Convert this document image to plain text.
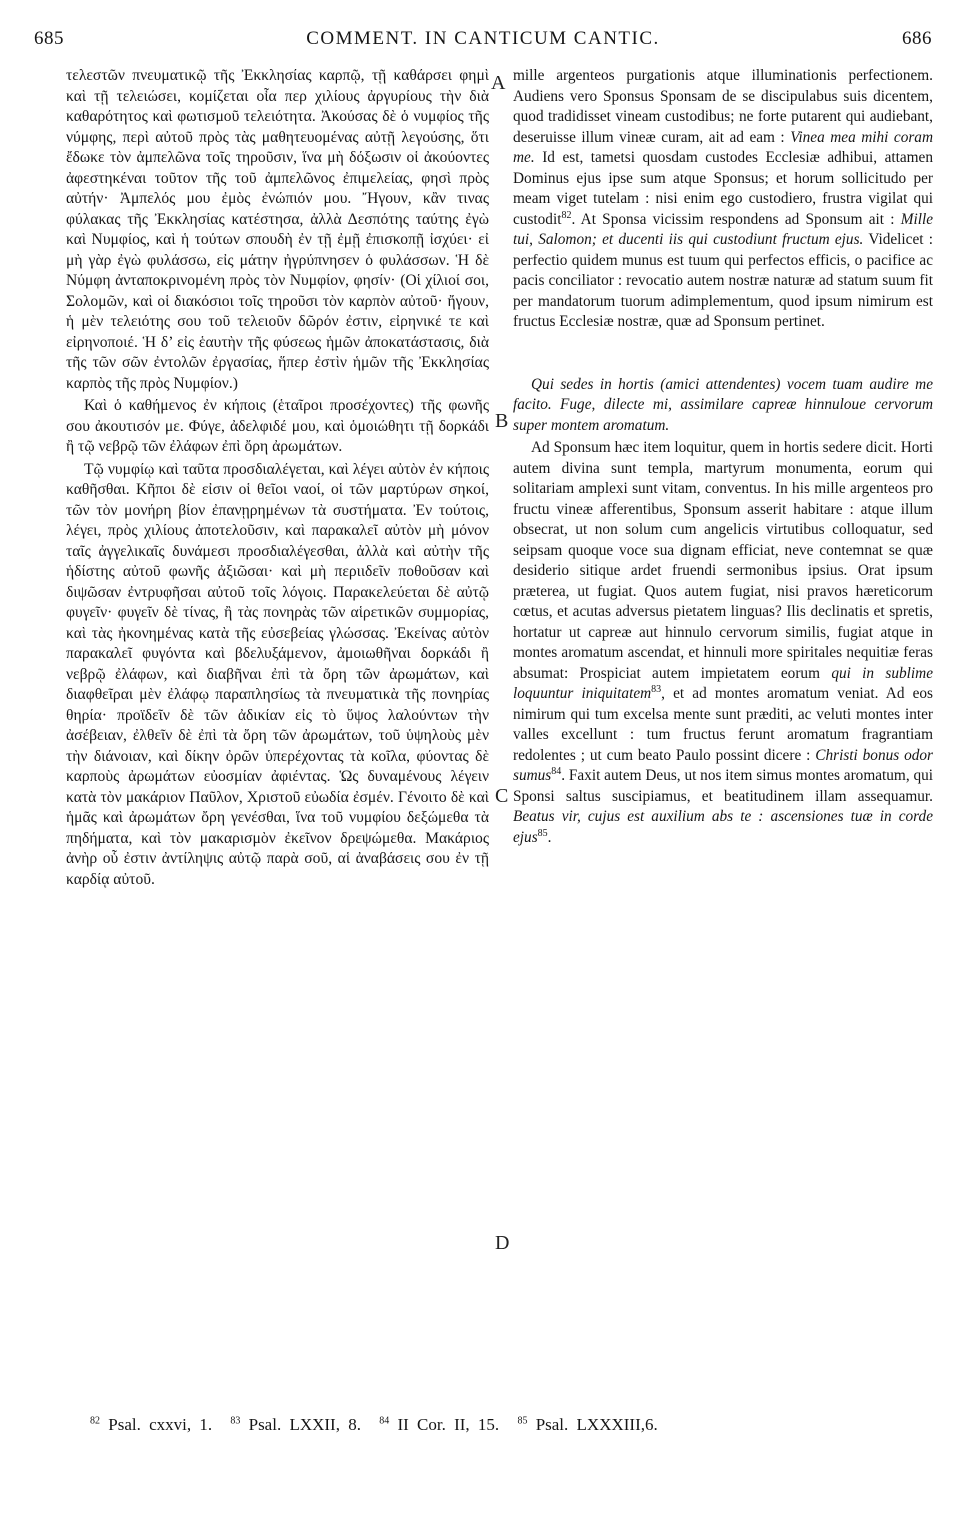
685	COMMENT. IN CANTICUM CANTIC.	686

τελεστῶν πνευματικῷ τῆς Ἐκκλησίας καρπῷ, τῇ καθάρσει φημὶ καὶ τῇ τελειώσει, κομίζεται οἷα περ χιλίους ἀργυρίους τὴν διὰ καθαρότητος καὶ φωτισμοῦ τελειότητα. Ἀκούσας δὲ ὁ νυμφίος τῆς νύμφης, περὶ αὐτοῦ πρὸς τὰς μαθητευομένας αὐτῇ λεγούσης, ὅτι ἔδωκε τὸν ἀμπελῶνα τοῖς τηροῦσιν, ἵνα μὴ δόξωσιν οἱ ἀκούοντες ἀφεστηκέναι τοῦτον τῆς τοῦ ἀμπελῶνος ἐπιμελείας, φησὶ πρὸς αὐτήν· Ἀμπελός μου ἐμὸς ἐνώπιόν μου. Ἤγουν, κἂν τινας φύλακας τῆς Ἐκκλησίας κατέστησα, ἀλλὰ Δεσπότης ταύτης ἐγὼ καὶ Νυμφίος, καὶ ἡ τούτων σπουδὴ ἐν τῇ ἐμῇ ἐπισκοπῇ ἰσχύει· εἰ μὴ γὰρ ἐγὼ φυλάσσω, εἰς μάτην ἠγρύπνησεν ὁ φυλάσσων. Ἡ δὲ Νύμφη ἀνταποκρινομένη πρὸς τὸν Νυμφίον, φησίν· (Οἱ χίλιοί σοι, Σολομῶν, καὶ οἱ διακόσιοι τοῖς τηροῦσι τὸν καρπὸν αὐτοῦ· ἤγουν, ἡ μὲν τελειότης σου τοῦ τελειοῦν δῶρόν ἐστιν, εἰρηνικέ τε καὶ εἰρηνοποιέ. Ἡ δ’ εἰς ἑαυτὴν τῆς φύσεως ἡμῶν ἀποκατάστασις, διὰ τῆς τῶν σῶν ἐντολῶν ἐργασίας, ἥπερ ἐστὶν ἡμῶν τῆς Ἐκκλησίας καρπὸς τῆς πρὸς Νυμφίον.)

Καὶ ὁ καθήμενος ἐν κήποις (ἑταῖροι προσέχοντες) τῆς φωνῆς σου ἀκουτισόν με. Φύγε, ἀδελφιδέ μου, καὶ ὁμοιώθητι τῇ δορκάδι ἢ τῷ νεβρῷ τῶν ἐλάφων ἐπὶ ὄρη ἀρωμάτων.

Τῷ νυμφίῳ καὶ ταῦτα προσδιαλέγεται, καὶ λέγει αὐτὸν ἐν κήποις καθῆσθαι. Κῆποι δὲ εἰσιν οἱ θεῖοι ναοί, οἱ τῶν μαρτύρων σηκοί, τῶν τὸν μονήρη βίον ἐπανῃρημένων τὰ συστήματα. Ἐν τούτοις, λέγει, πρὸς χιλίους ἀποτελοῦσιν, καὶ παρακαλεῖ αὐτὸν μὴ μόνον ταῖς ἀγγελικαῖς δυνάμεσι προσδιαλέγεσθαι, ἀλλὰ καὶ αὐτὴν τῆς ἡδίστης αὐτοῦ φωνῆς ἀξιῶσαι· καὶ μὴ περιιδεῖν ποθοῦσαν καὶ διψῶσαν ἐντρυφῆσαι αὐτοῦ τοῖς λόγοις. Παρακελεύεται δὲ αὐτῷ φυγεῖν· φυγεῖν δὲ τίνας, ἢ τὰς πονηρὰς τῶν αἱρετικῶν συμμορίας, καὶ τὰς ἠκονημένας κατὰ τῆς εὐσεβείας γλώσσας. Ἐκείνας αὐτὸν παρακαλεῖ φυγόντα καὶ βδελυξάμενον, ἀμοιωθῆναι δορκάδι ἢ νεβρῷ ἐλάφων, καὶ διαβῆναι ἐπὶ τὰ ὄρη τῶν ἀρωμάτων, καὶ διαφθεῖραι μὲν ἐλάφῳ παραπλησίως τὰ πνευματικὰ τῆς πονηρίας θηρία· προϊδεῖν δὲ τῶν ἀδικίαν εἰς τὸ ὕψος λαλούντων τὴν ἀσέβειαν, ἐλθεῖν δὲ ἐπὶ τὰ ὄρη τῶν ἀρωμάτων, τοῦ ὑψηλοὺς μὲν τὴν διάνοιαν, καὶ δίκην ὀρῶν ὑπερέχοντας τὰ κοῖλα, φύοντας δὲ καρποὺς ἀρωμάτων εὐοσμίαν ἀφιέντας. Ὡς δυναμένους λέγειν κατὰ τὸν μακάριον Παῦλον, Χριστοῦ εὐωδία ἐσμέν. Γένοιτο δὲ καὶ ἡμᾶς καὶ ἀρωμάτων ὄρη γενέσθαι, ἵνα τοῦ νυμφίου δεξώμεθα τὰ πηδήματα, καὶ τὸν μακαρισμὸν ἐκεῖνον δρεψώμεθα. Μακάριος ἀνὴρ οὗ ἐστιν ἀντίληψις αὐτῷ παρὰ σοῦ, αἱ ἀναβάσεις σου ἐν τῇ καρδίᾳ αὐτοῦ.

A
B
C
D

mille argenteos purgationis atque illuminationis perfectionem. Audiens vero Sponsus Sponsam de se discipulabus suis dicentem, quod tradidisset vineam custodibus; ne forte putarent qui audiebant, deseruisse illum vineæ curam, ait ad eam : Vinea mea mihi coram me. Id est, tametsi quosdam custodes Ecclesiæ adhibui, attamen Dominus ejus ipse sum atque Sponsus; et horum sollicitudo per meam viget tutelam : nisi enim ego custodiero, frustra vigilat qui custodit$^{82}$. At Sponsa vicissim respondens ad Sponsum ait : Mille tui, Salomon; et ducenti iis qui custodiunt fructum ejus. Videlicet : perfectio quidem munus est tuum qui perfectos efficis, o pacifice ac pacis conciliator : revocatio autem nostræ naturæ ad statum suum fit per mandatorum tuorum adimplementum, quod ipsum nimirum est fructus Ecclesiæ nostræ, quæ ad Sponsum pertinet.

Qui sedes in hortis (amici attendentes) vocem tuam audire me facito. Fuge, dilecte mi, assimilare capreæ hinnuloue cervorum super montem aromatum.

Ad Sponsum hæc item loquitur, quem in hortis sedere dicit. Horti autem divina sunt templa, martyrum monumenta, eorum qui solitariam amplexi sunt vitam, conventus. In his mille argenteos pro fructu vineæ afferentibus, Sponsum asserit habitare : atque illum obsecrat, ut non solum cum angelicis virtutibus colloquatur, sed seipsam quoque voce sua dignam efficiat, neve contemnat se quæ desiderio sitique ardet fruendi sermonibus ipsius. Orat ipsum præterea, ut fugiat. Quos autem fugiat, nisi pravos hæreticorum cœtus, et acutas adversus pietatem linguas? Ilis declinatis et spretis, hortatur ut capreæ aut hinnulo cervorum similis, fugiat atque in montes aromatum ascendat, et hinnuli more spiritales nequitiæ feras absumat: Prospiciat autem impietatem eorum qui in sublime loquuntur iniquitatem$^{83}$, et ad montes aromatum veniat. Ad eos nimirum qui tum excelsa mente sunt præditi, ac veluti montes inter valles excellunt : tum fructus ferunt aromatum fragrantiam redolentes ; ut cum beato Paulo possint dicere : Christi bonus odor sumus$^{84}$. Faxit autem Deus, ut nos item simus montes aromatum, qui Sponsi saltus suscipiamus, et beatitudinem illam assequamur. Beatus vir, cujus est auxilium abs te : ascensiones tuæ in corde ejus$^{85}$.

$^{82}$ Psal. cxxvi, 1. $^{83}$ Psal. LXXII, 8. $^{84}$ II Cor. II, 15. $^{85}$ Psal. LXXXIII,6.
